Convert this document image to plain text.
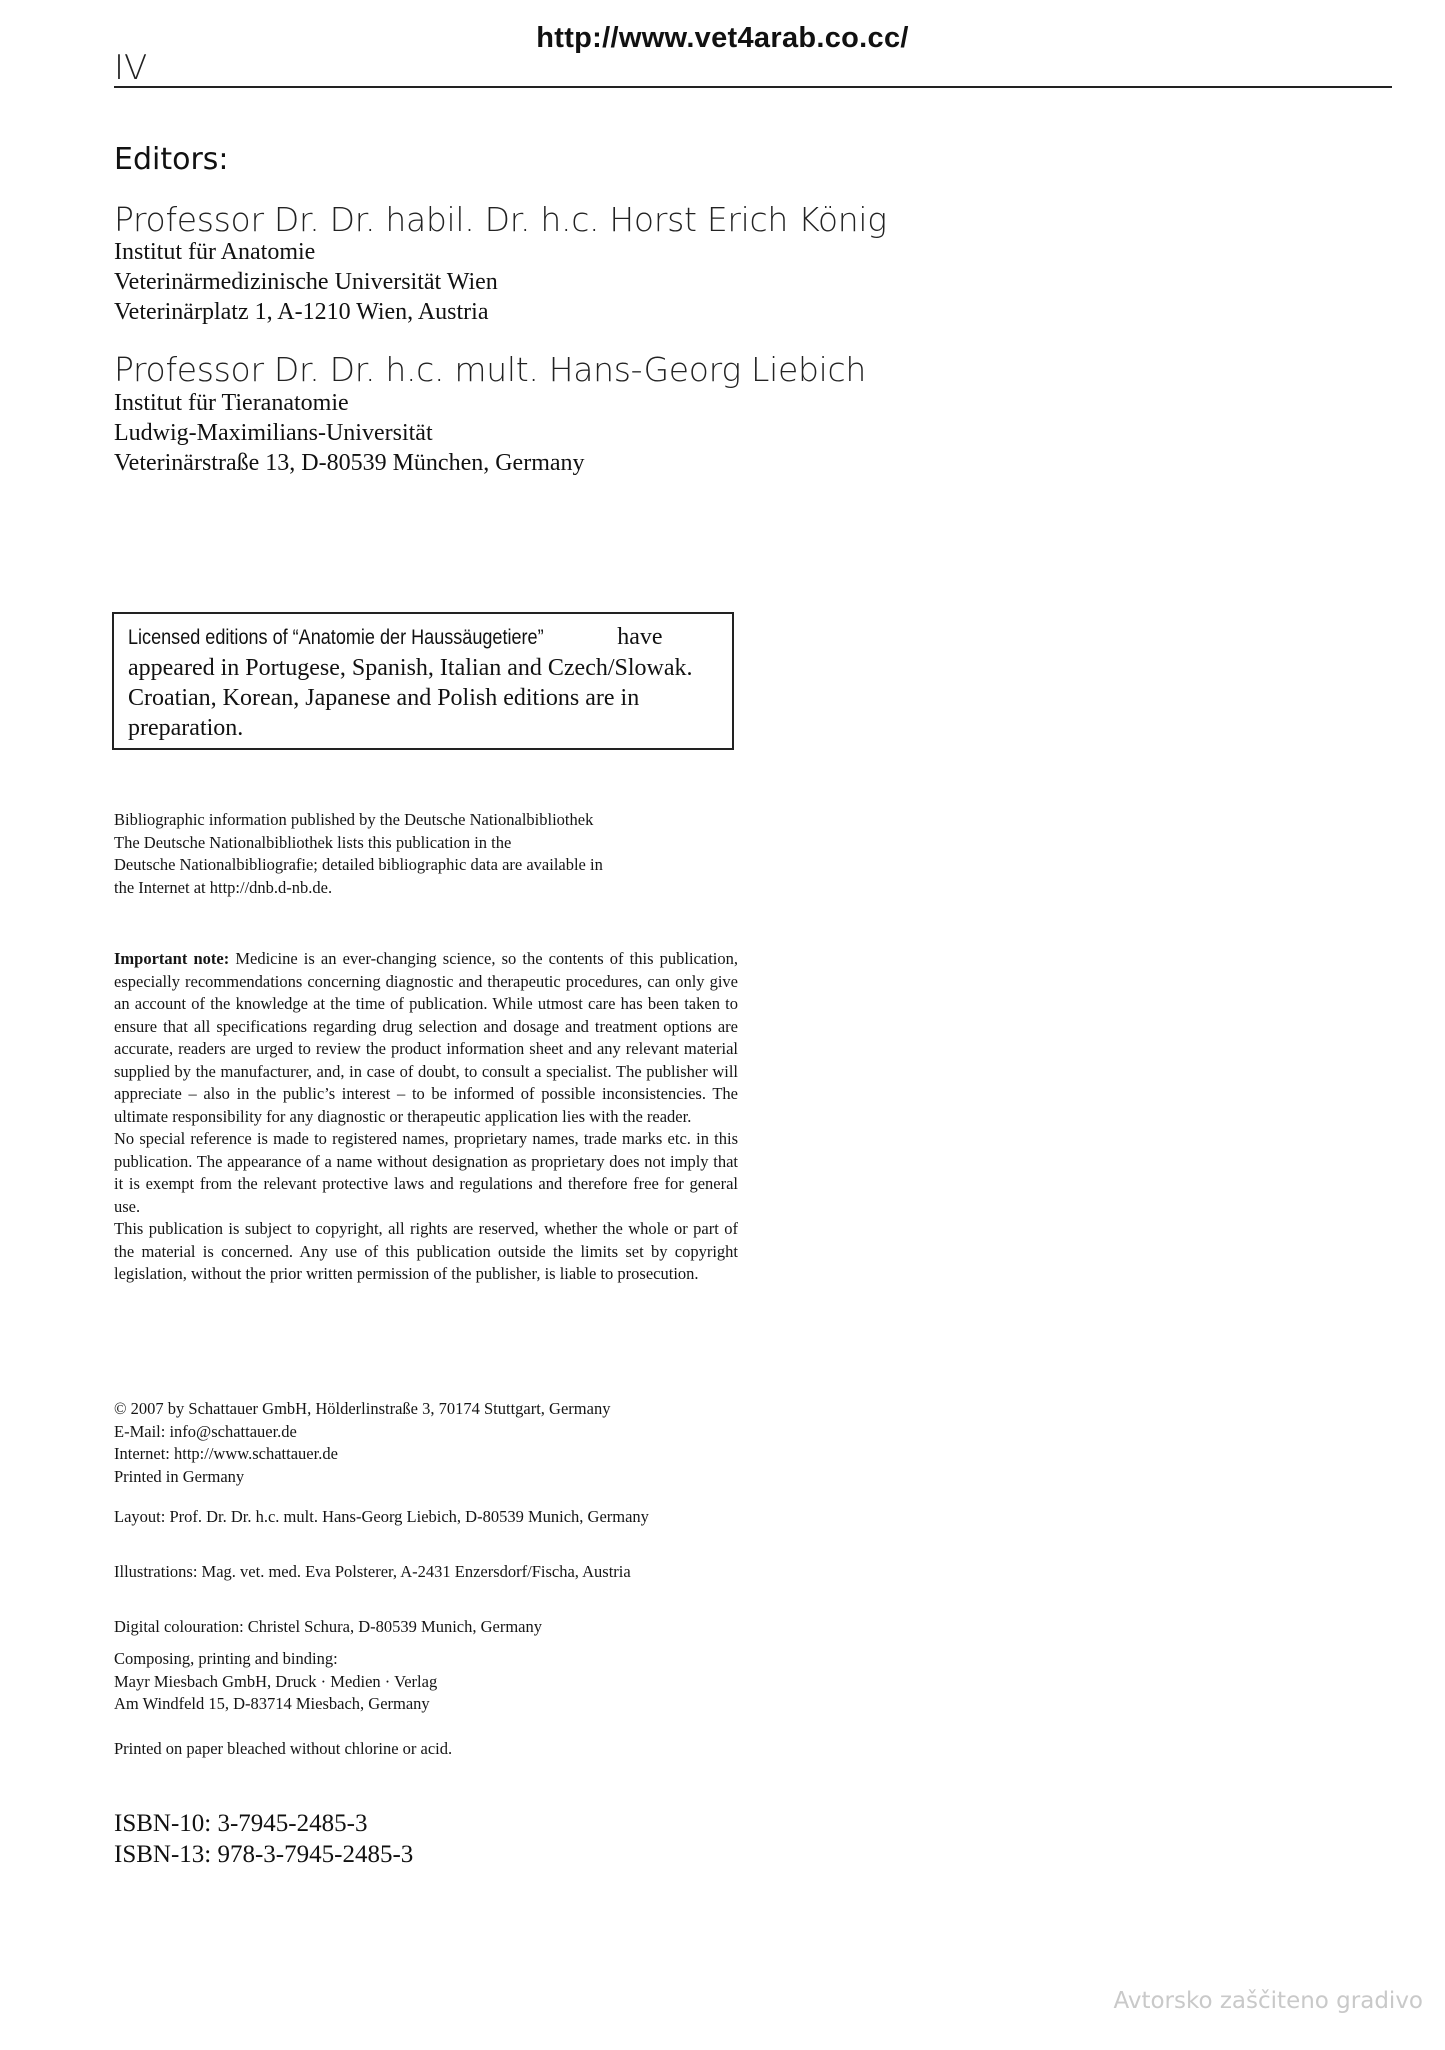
http://www.vet4arab.co.cc/
IV
Editors:
Professor Dr. Dr. habil. Dr. h.c. Horst Erich König
Institut für Anatomie
Veterinärmedizinische Universität Wien
Veterinärplatz 1, A-1210 Wien, Austria
Professor Dr. Dr. h.c. mult. Hans-Georg Liebich
Institut für Tieranatomie
Ludwig-Maximilians-Universität
Veterinärstraße 13, D-80539 München, Germany
Licensed editions of “Anatomie der Haussäugetiere”	have appeared in Portugese, Spanish, Italian and Czech/Slowak. Croatian, Korean, Japanese and Polish editions are in preparation.
Bibliographic information published by the Deutsche Nationalbibliothek
The Deutsche Nationalbibliothek lists this publication in the
Deutsche Nationalbibliografie; detailed bibliographic data are available in
the Internet at http://dnb.d-nb.de.
Important note: Medicine is an ever-changing science, so the contents of this publication, especially recommendations concerning diagnostic and therapeutic procedures, can only give an account of the knowledge at the time of publication. While utmost care has been taken to ensure that all specifications regarding drug selection and dosage and treatment options are accurate, readers are urged to review the product information sheet and any relevant material supplied by the manufacturer, and, in case of doubt, to consult a specialist. The publisher will appreciate – also in the public’s interest – to be informed of possible inconsistencies. The ultimate responsibility for any diagnostic or therapeutic application lies with the reader.
No special reference is made to registered names, proprietary names, trade marks etc. in this publication. The appearance of a name without designation as proprietary does not imply that it is exempt from the relevant protective laws and regulations and therefore free for general use.
This publication is subject to copyright, all rights are reserved, whether the whole or part of the material is concerned. Any use of this publication outside the limits set by copyright legislation, without the prior written permission of the publisher, is liable to prosecution.
© 2007 by Schattauer GmbH, Hölderlinstraße 3, 70174 Stuttgart, Germany
E-Mail: info@schattauer.de
Internet: http://www.schattauer.de
Printed in Germany
Layout: Prof. Dr. Dr. h.c. mult. Hans-Georg Liebich, D-80539 Munich, Germany
Illustrations: Mag. vet. med. Eva Polsterer, A-2431 Enzersdorf/Fischa, Austria
Digital colouration: Christel Schura, D-80539 Munich, Germany
Composing, printing and binding:
Mayr Miesbach GmbH, Druck · Medien · Verlag
Am Windfeld 15, D-83714 Miesbach, Germany
Printed on paper bleached without chlorine or acid.
ISBN-10: 3-7945-2485-3
ISBN-13: 978-3-7945-2485-3
Avtorsko zaščiteno gradivo
